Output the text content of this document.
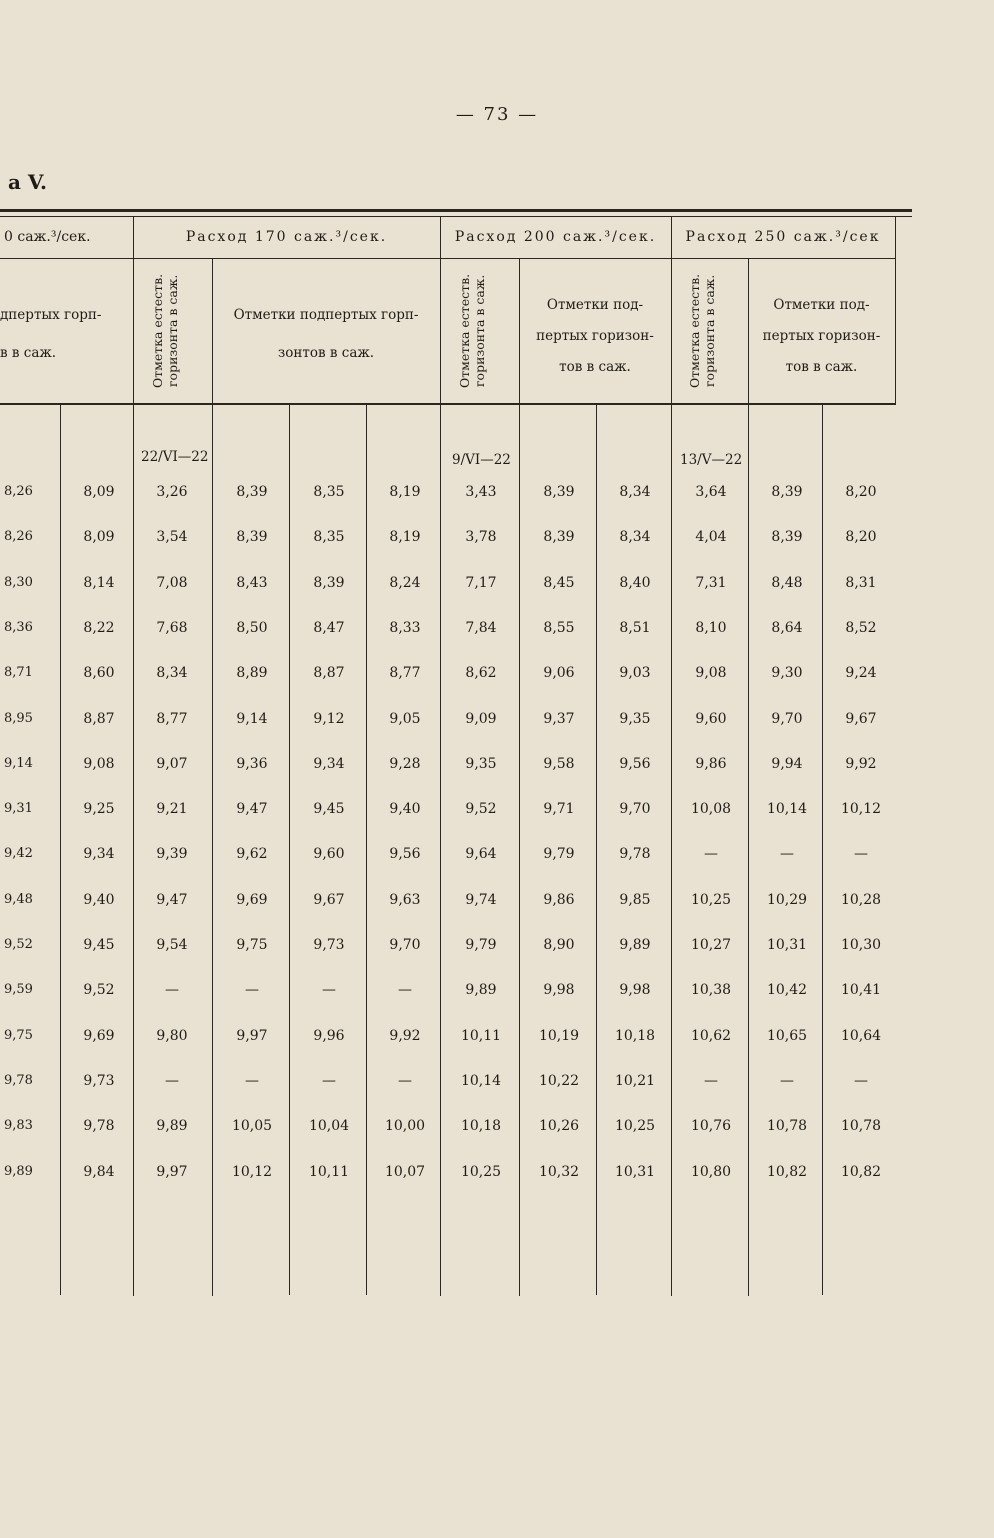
— 73 —
а V.
0 саж.³/сек.	Расход 170 саж.³/сек.	Расход 200 саж.³/сек.	Расход 250 саж.³/сек
дпертых горп-
в в саж.	Отметка естеств.
горизонта в саж.
Отметки подпертых горп-
зонтов в саж.	Отметка естеств.
горизонта в саж.
Отметки под-
пертых горизон-
тов в саж.	Отметка естеств.
горизонта в саж.
Отметки под-
пертых горизон-
тов в саж.
22/VI—22	9/VI—22	13/V—22
8,26	8,09	3,26	8,39	8,35	8,19	3,43	8,39	8,34	3,64	8,39	8,20
8,26	8,09	3,54	8,39	8,35	8,19	3,78	8,39	8,34	4,04	8,39	8,20
8,30	8,14	7,08	8,43	8,39	8,24	7,17	8,45	8,40	7,31	8,48	8,31
8,36	8,22	7,68	8,50	8,47	8,33	7,84	8,55	8,51	8,10	8,64	8,52
8,71	8,60	8,34	8,89	8,87	8,77	8,62	9,06	9,03	9,08	9,30	9,24
8,95	8,87	8,77	9,14	9,12	9,05	9,09	9,37	9,35	9,60	9,70	9,67
9,14	9,08	9,07	9,36	9,34	9,28	9,35	9,58	9,56	9,86	9,94	9,92
9,31	9,25	9,21	9,47	9,45	9,40	9,52	9,71	9,70	10,08	10,14	10,12
9,42	9,34	9,39	9,62	9,60	9,56	9,64	9,79	9,78	—	—	—
9,48	9,40	9,47	9,69	9,67	9,63	9,74	9,86	9,85	10,25	10,29	10,28
9,52	9,45	9,54	9,75	9,73	9,70	9,79	8,90	9,89	10,27	10,31	10,30
9,59	9,52	—	—	—	—	9,89	9,98	9,98	10,38	10,42	10,41
9,75	9,69	9,80	9,97	9,96	9,92	10,11	10,19	10,18	10,62	10,65	10,64
9,78	9,73	—	—	—	—	10,14	10,22	10,21	—	—	—
9,83	9,78	9,89	10,05	10,04	10,00	10,18	10,26	10,25	10,76	10,78	10,78
9,89	9,84	9,97	10,12	10,11	10,07	10,25	10,32	10,31	10,80	10,82	10,82
